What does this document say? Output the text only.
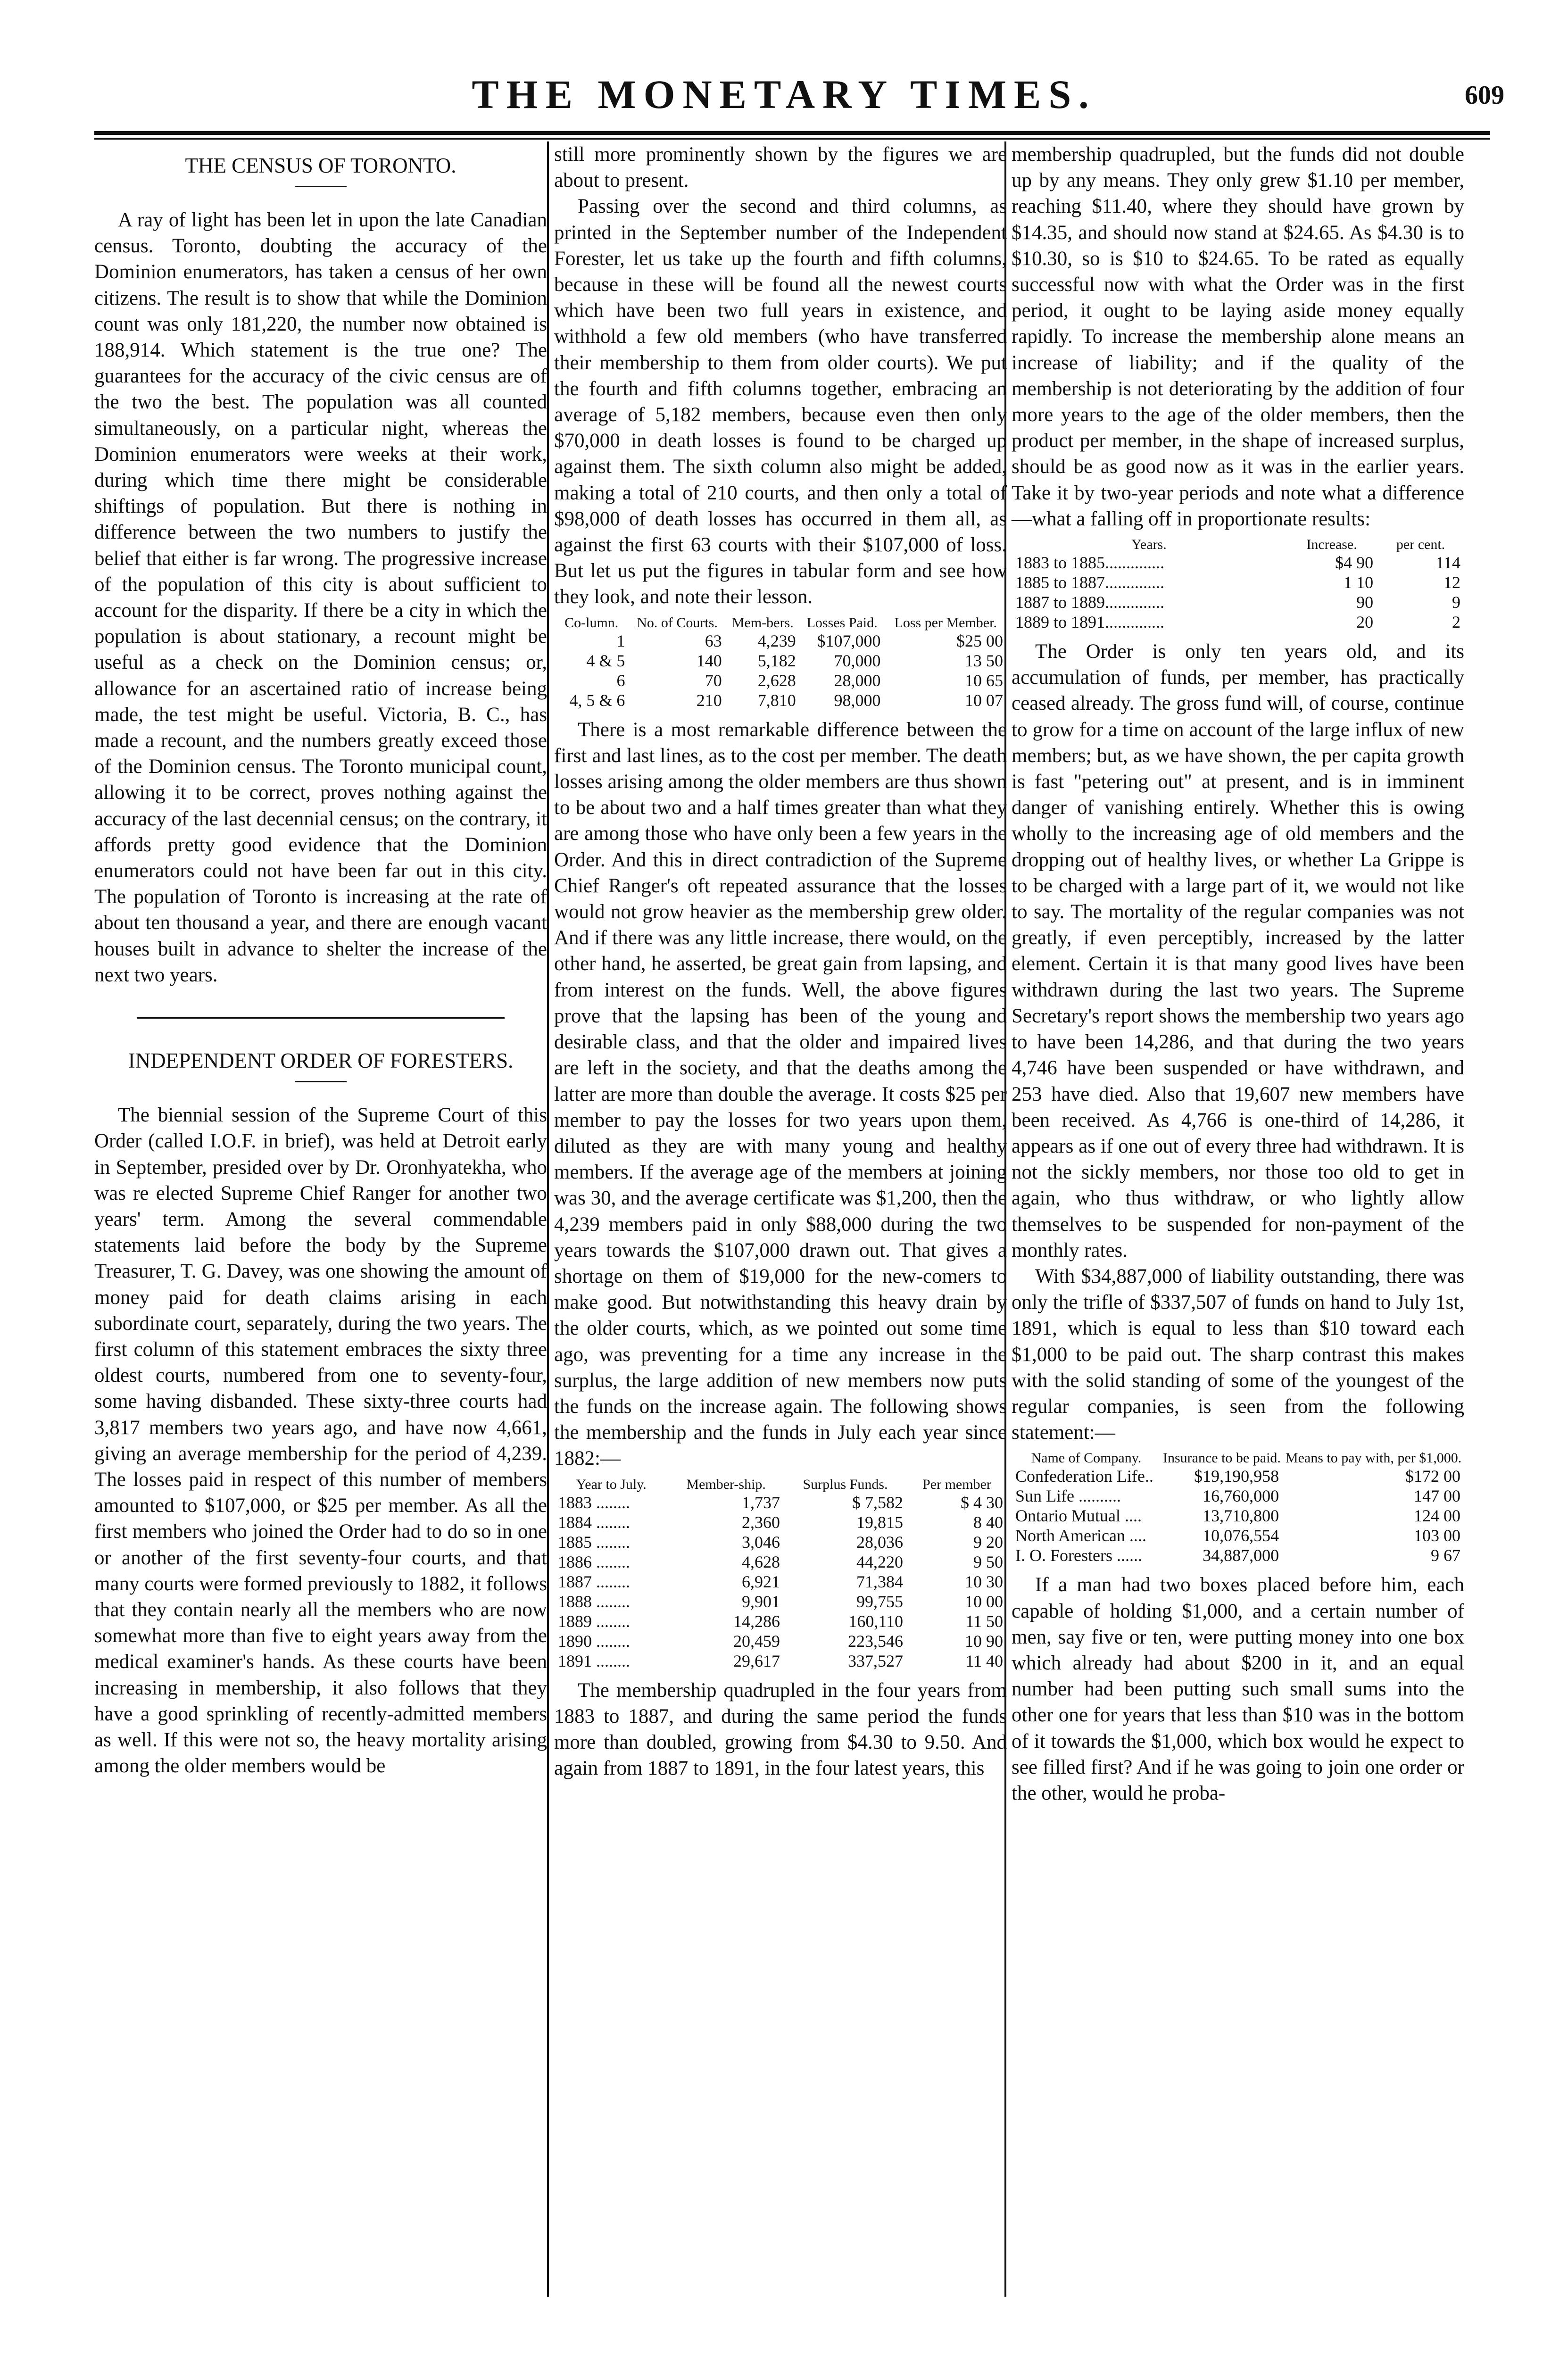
THE MONETARY TIMES.	609
THE CENSUS OF TORONTO.

A ray of light has been let in upon the late Canadian census. Toronto, doubting the accuracy of the Dominion enumerators, has taken a census of her own citizens. The result is to show that while the Dominion count was only 181,220, the number now obtained is 188,914. Which statement is the true one? The guarantees for the accuracy of the civic census are of the two the best. The population was all counted simultaneously, on a particular night, whereas the Dominion enumerators were weeks at their work, during which time there might be considerable shiftings of population. But there is nothing in difference between the two numbers to justify the belief that either is far wrong. The progressive increase of the population of this city is about sufficient to account for the disparity. If there be a city in which the population is about stationary, a recount might be useful as a check on the Dominion census; or, allowance for an ascertained ratio of increase being made, the test might be useful. Victoria, B. C., has made a recount, and the numbers greatly exceed those of the Dominion census. The Toronto municipal count, allowing it to be correct, proves nothing against the accuracy of the last decennial census; on the contrary, it affords pretty good evidence that the Dominion enumerators could not have been far out in this city. The population of Toronto is increasing at the rate of about ten thousand a year, and there are enough vacant houses built in advance to shelter the increase of the next two years.

INDEPENDENT ORDER OF FORESTERS.

The biennial session of the Supreme Court of this Order (called I.O.F. in brief), was held at Detroit early in September, presided over by Dr. Oronhyatekha, who was re elected Supreme Chief Ranger for another two years' term. Among the several commendable statements laid before the body by the Supreme Treasurer, T. G. Davey, was one showing the amount of money paid for death claims arising in each subordinate court, separately, during the two years. The first column of this statement embraces the sixty three oldest courts, numbered from one to seventy-four, some having disbanded. These sixty-three courts had 3,817 members two years ago, and have now 4,661, giving an average membership for the period of 4,239. The losses paid in respect of this number of members amounted to $107,000, or $25 per member. As all the first members who joined the Order had to do so in one or another of the first seventy-four courts, and that many courts were formed previously to 1882, it follows that they contain nearly all the members who are now somewhat more than five to eight years away from the medical examiner's hands. As these courts have been increasing in membership, it also follows that they have a good sprinkling of recently-admitted members as well. If this were not so, the heavy mortality arising among the older members would be

still more prominently shown by the figures we are about to present.

Passing over the second and third columns, as printed in the September number of the Independent Forester, let us take up the fourth and fifth columns, because in these will be found all the newest courts which have been two full years in existence, and withhold a few old members (who have transferred their membership to them from older courts). We put the fourth and fifth columns together, embracing an average of 5,182 members, because even then only $70,000 in death losses is found to be charged up against them. The sixth column also might be added, making a total of 210 courts, and then only a total of $98,000 of death losses has occurred in them all, as against the first 63 courts with their $107,000 of loss. But let us put the figures in tabular form and see how they look, and note their lesson.

Co-lumn.	No. of Courts.	Mem-bers.	Losses Paid.	Loss per Member.
1	63	4,239	$107,000	$25 00
4 & 5	140	5,182	70,000	13 50
6	70	2,628	28,000	10 65
4, 5 & 6	210	7,810	98,000	10 07

There is a most remarkable difference between the first and last lines, as to the cost per member. The death losses arising among the older members are thus shown to be about two and a half times greater than what they are among those who have only been a few years in the Order. And this in direct contradiction of the Supreme Chief Ranger's oft repeated assurance that the losses would not grow heavier as the membership grew older. And if there was any little increase, there would, on the other hand, he asserted, be great gain from lapsing, and from interest on the funds. Well, the above figures prove that the lapsing has been of the young and desirable class, and that the older and impaired lives are left in the society, and that the deaths among the latter are more than double the average. It costs $25 per member to pay the losses for two years upon them, diluted as they are with many young and healthy members. If the average age of the members at joining was 30, and the average certificate was $1,200, then the 4,239 members paid in only $88,000 during the two years towards the $107,000 drawn out. That gives a shortage on them of $19,000 for the new-comers to make good. But notwithstanding this heavy drain by the older courts, which, as we pointed out some time ago, was preventing for a time any increase in the surplus, the large addition of new members now puts the funds on the increase again. The following shows the membership and the funds in July each year since 1882:—

Year to July.	Member-ship.	Surplus Funds.	Per member
1883 ........	1,737	$ 7,582	$ 4 30
1884 ........	2,360	19,815	8 40
1885 ........	3,046	28,036	9 20
1886 ........	4,628	44,220	9 50
1887 ........	6,921	71,384	10 30
1888 ........	9,901	99,755	10 00
1889 ........	14,286	160,110	11 50
1890 ........	20,459	223,546	10 90
1891 ........	29,617	337,527	11 40

The membership quadrupled in the four years from 1883 to 1887, and during the same period the funds more than doubled, growing from $4.30 to 9.50. And again from 1887 to 1891, in the four latest years, this

membership quadrupled, but the funds did not double up by any means. They only grew $1.10 per member, reaching $11.40, where they should have grown by $14.35, and should now stand at $24.65. As $4.30 is to $10.30, so is $10 to $24.65. To be rated as equally successful now with what the Order was in the first period, it ought to be laying aside money equally rapidly. To increase the membership alone means an increase of liability; and if the quality of the membership is not deteriorating by the addition of four more years to the age of the older members, then the product per member, in the shape of increased surplus, should be as good now as it was in the earlier years. Take it by two-year periods and note what a difference—what a falling off in proportionate results:

Years.	Increase.	per cent.
1883 to 1885..............	$4 90	114
1885 to 1887..............	1 10	12
1887 to 1889..............	90	9
1889 to 1891..............	20	2

The Order is only ten years old, and its accumulation of funds, per member, has practically ceased already. The gross fund will, of course, continue to grow for a time on account of the large influx of new members; but, as we have shown, the per capita growth is fast "petering out" at present, and is in imminent danger of vanishing entirely. Whether this is owing wholly to the increasing age of old members and the dropping out of healthy lives, or whether La Grippe is to be charged with a large part of it, we would not like to say. The mortality of the regular companies was not greatly, if even perceptibly, increased by the latter element. Certain it is that many good lives have been withdrawn during the last two years. The Supreme Secretary's report shows the membership two years ago to have been 14,286, and that during the two years 4,746 have been suspended or have withdrawn, and 253 have died. Also that 19,607 new members have been received. As 4,766 is one-third of 14,286, it appears as if one out of every three had withdrawn. It is not the sickly members, nor those too old to get in again, who thus withdraw, or who lightly allow themselves to be suspended for non-payment of the monthly rates.

With $34,887,000 of liability outstanding, there was only the trifle of $337,507 of funds on hand to July 1st, 1891, which is equal to less than $10 toward each $1,000 to be paid out. The sharp contrast this makes with the solid standing of some of the youngest of the regular companies, is seen from the following statement:—

Name of Company.	Insurance to be paid.	Means to pay with, per $1,000.
Confederation Life..	$19,190,958	$172 00
Sun Life ..........	16,760,000	147 00
Ontario Mutual ....	13,710,800	124 00
North American ....	10,076,554	103 00
I. O. Foresters ......	34,887,000	9 67

If a man had two boxes placed before him, each capable of holding $1,000, and a certain number of men, say five or ten, were putting money into one box which already had about $200 in it, and an equal number had been putting such small sums into the other one for years that less than $10 was in the bottom of it towards the $1,000, which box would he expect to see filled first? And if he was going to join one order or the other, would he proba-
